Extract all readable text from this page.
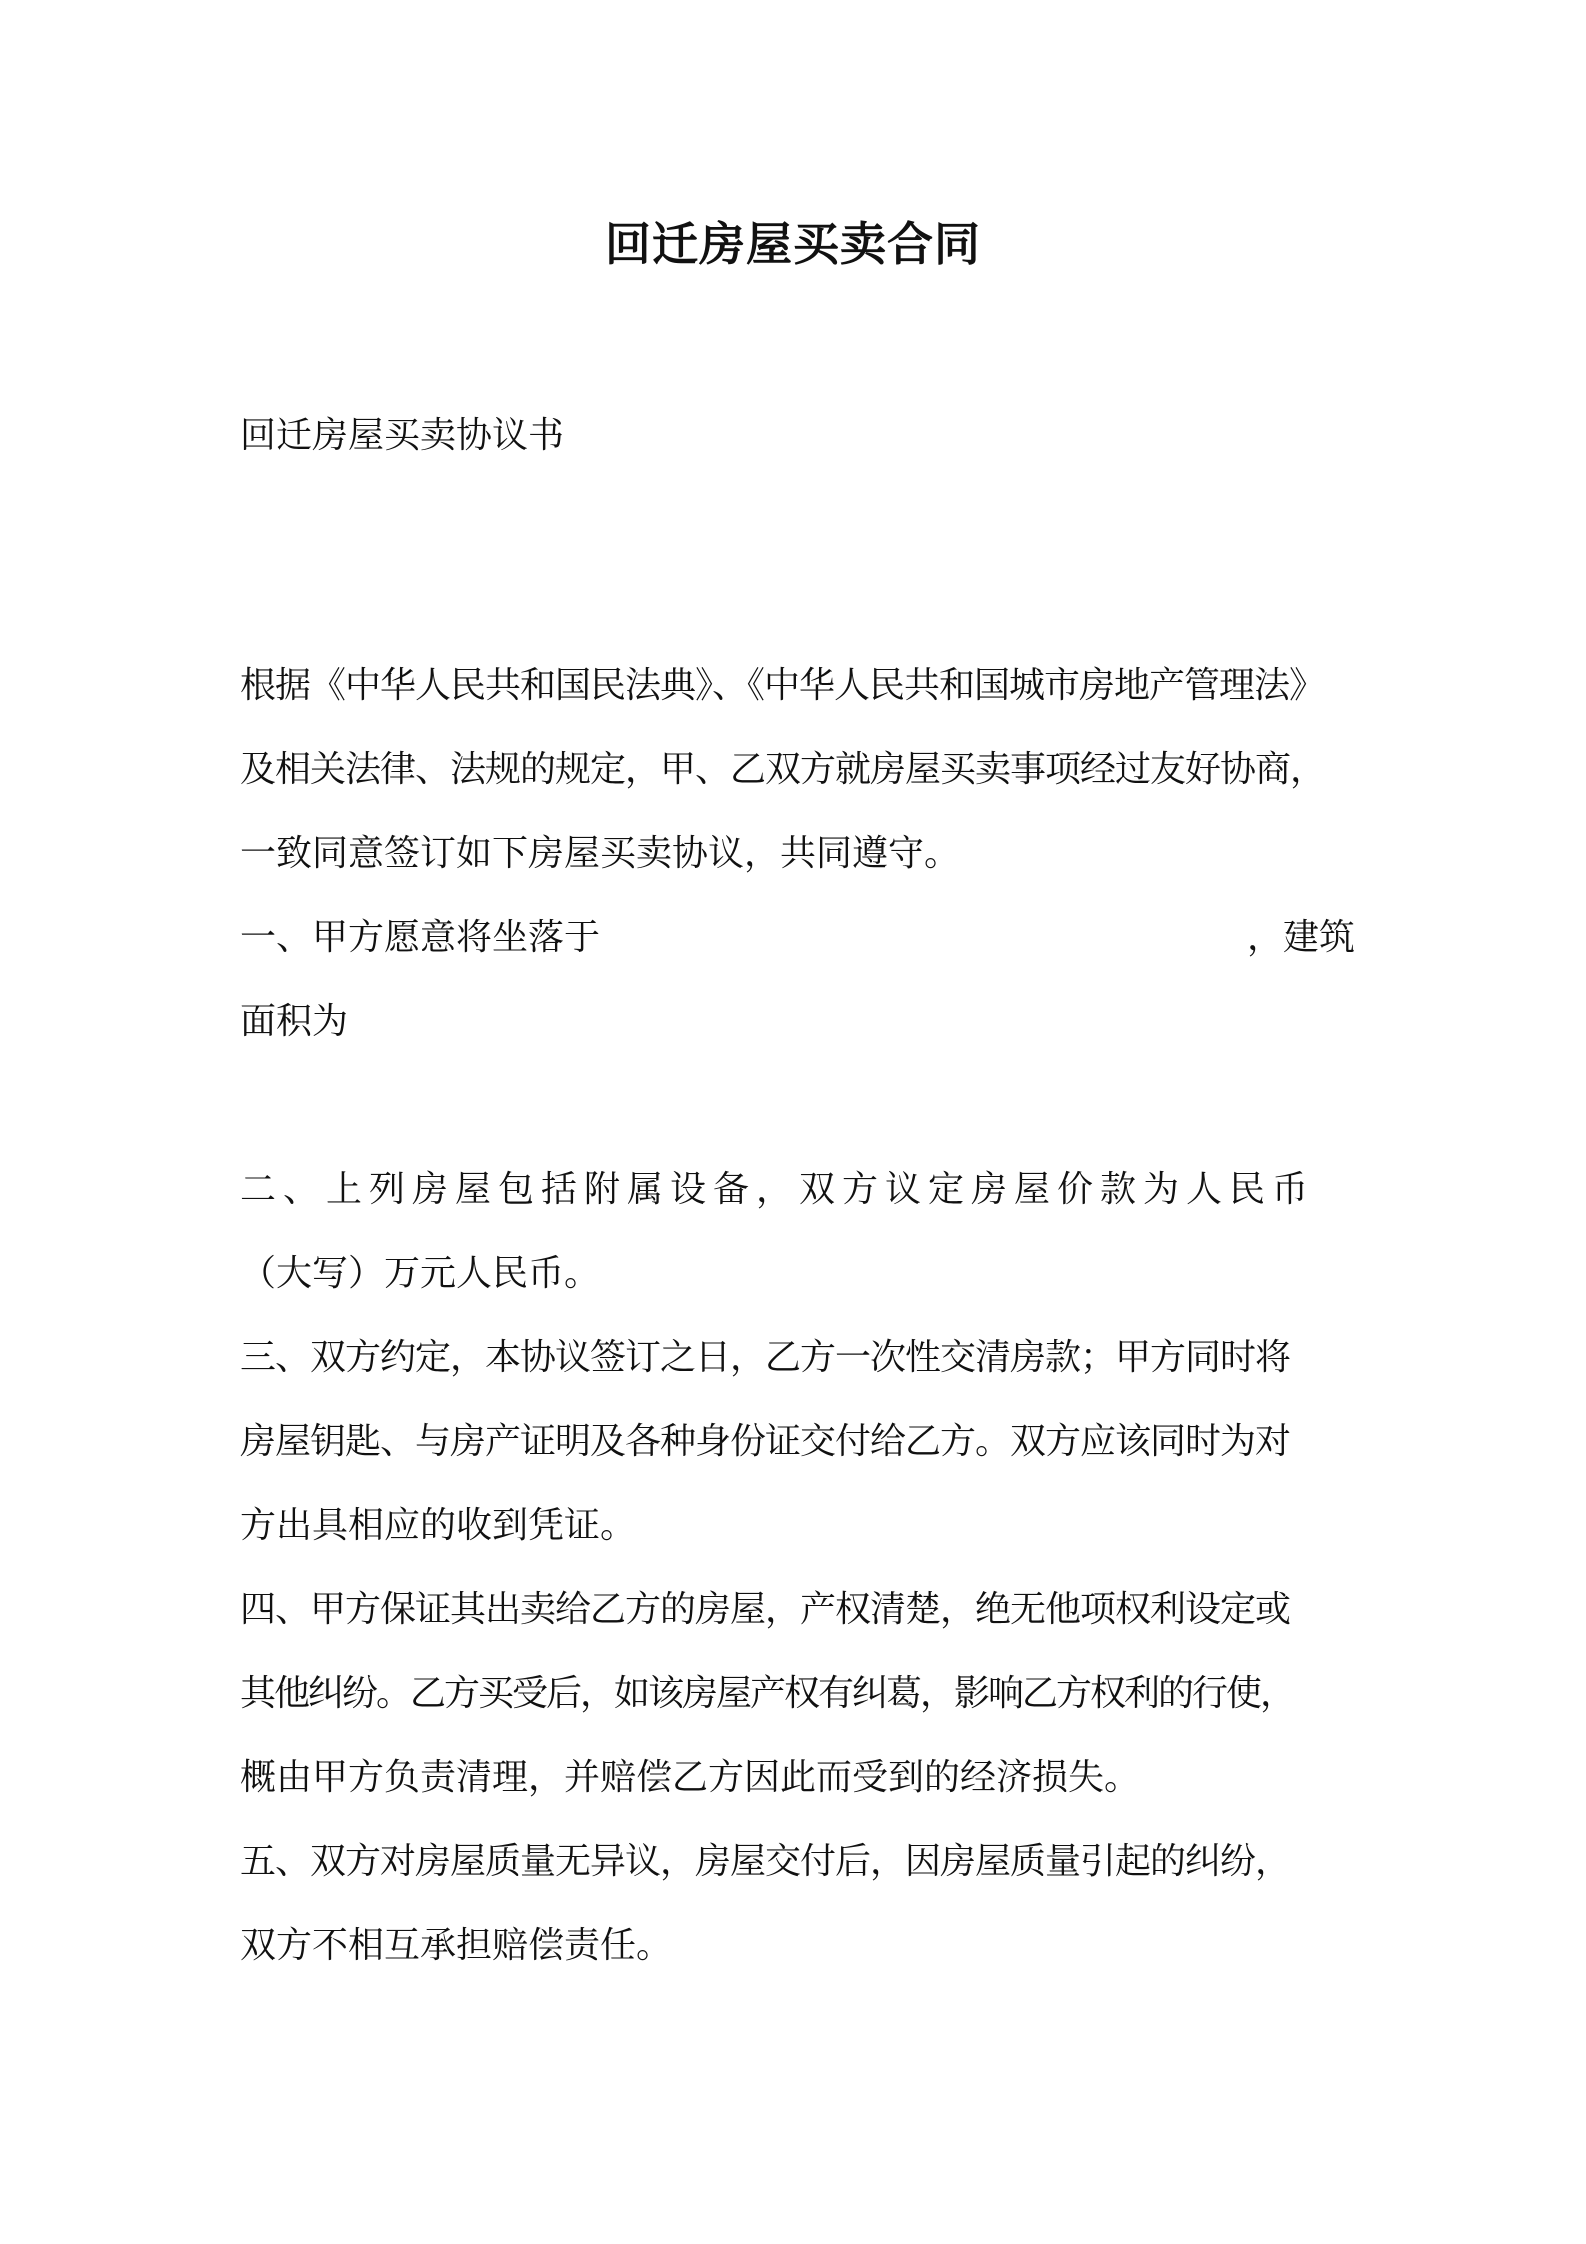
回迁房屋买卖合同
回迁房屋买卖协议书
根据《中华人民共和国民法典》、《中华人民共和国城市房地产管理法》
及相关法律、法规的规定，甲、乙双方就房屋买卖事项经过友好协商，
一致同意签订如下房屋买卖协议，共同遵守。
一、甲方愿意将坐落于	，建筑
面积为
二、上列房屋包括附属设备，双方议定房屋价款为人民币
（大写）万元人民币。
三、双方约定，本协议签订之日，乙方一次性交清房款；甲方同时将
房屋钥匙、与房产证明及各种身份证交付给乙方。双方应该同时为对
方出具相应的收到凭证。
四、甲方保证其出卖给乙方的房屋，产权清楚，绝无他项权利设定或
其他纠纷。乙方买受后，如该房屋产权有纠葛，影响乙方权利的行使，
概由甲方负责清理，并赔偿乙方因此而受到的经济损失。
五、双方对房屋质量无异议，房屋交付后，因房屋质量引起的纠纷，
双方不相互承担赔偿责任。
